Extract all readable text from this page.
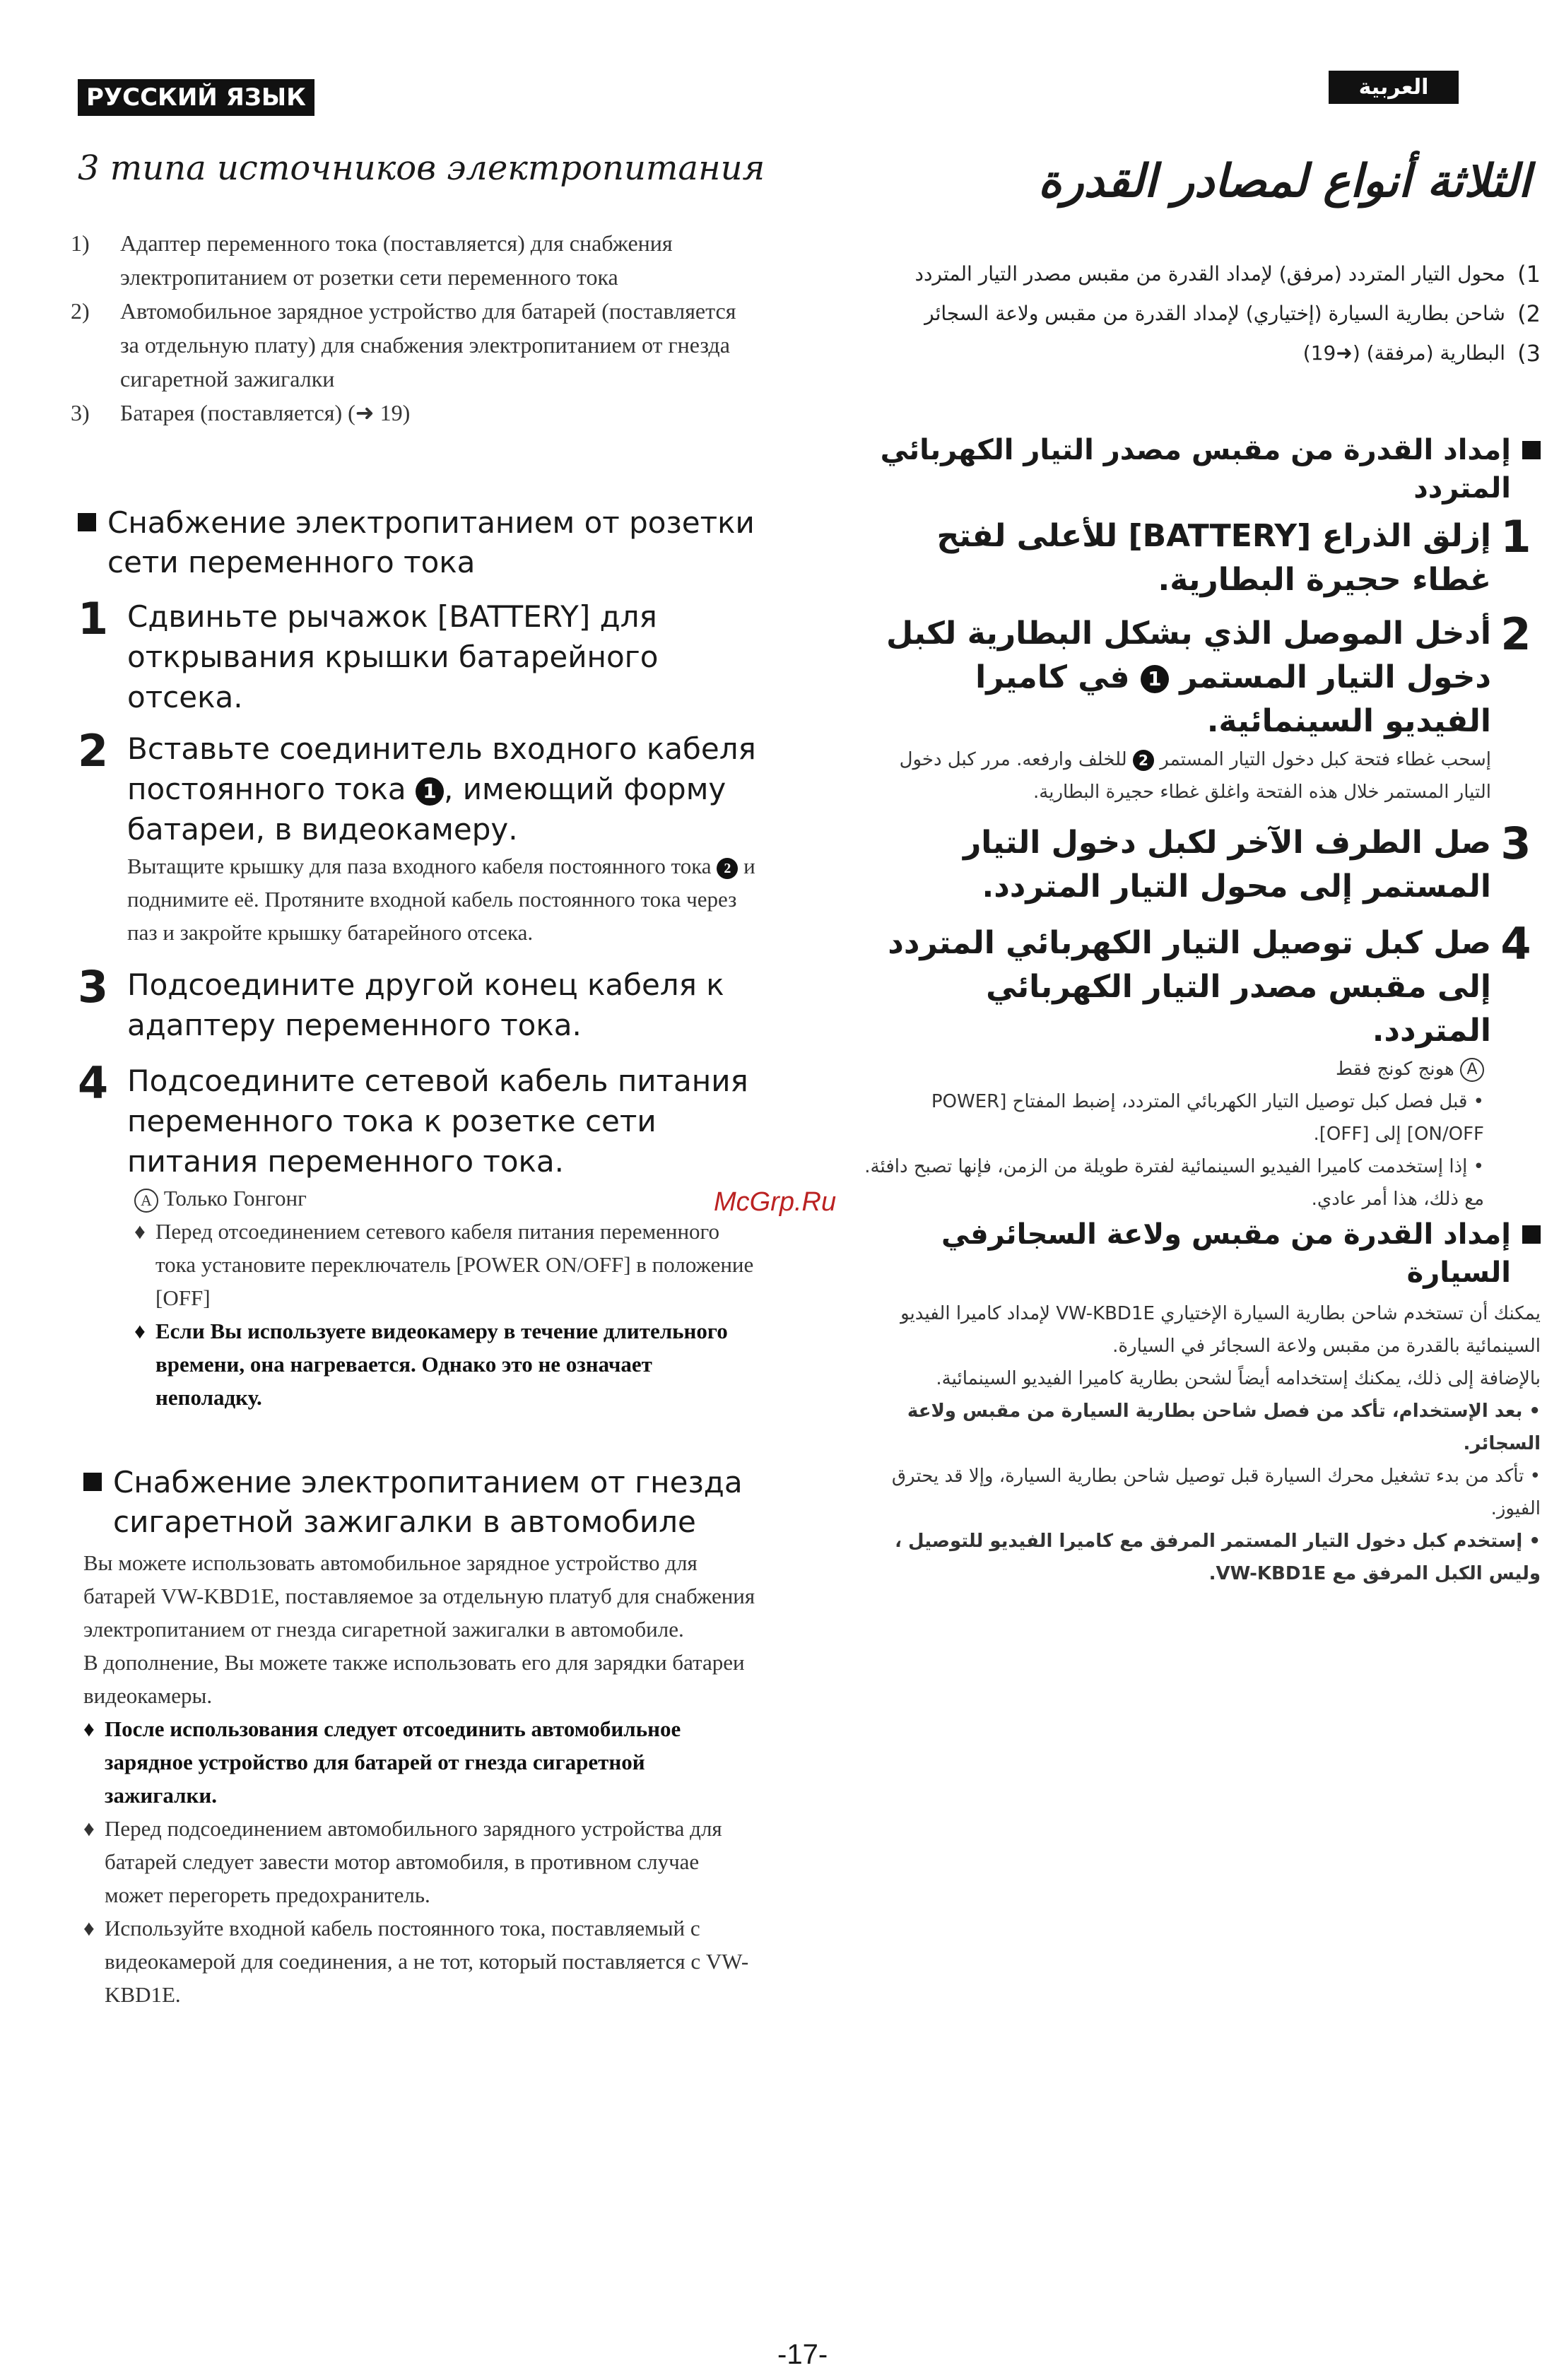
РУССКИЙ ЯЗЫК	العربية
3 типа источников электропитания	الثلاثة أنواع لمصادر القدرة
1)	Адаптер переменного тока (поставляется) для снабжения электропитанием от розетки сети переменного тока
2)	Автомобильное зарядное устройство для батарей (поставляется за отдельную плату) для снабжения электропитанием от гнезда сигаретной зажигалки
3)	Батарея (поставляется) (➜ 19)
Снабжение электропитанием от розетки сети переменного тока
1 Сдвиньте рычажок [BATTERY] для открывания крышки батарейного отсека.
2 Вставьте соединитель входного кабеля постоянного тока 1 , имеющий форму батареи, в видеокамеру.
Вытащите крышку для паза входного кабеля постоянного тока 2 и поднимите её. Протяните входной кабель постоянного тока через паз и закройте крышку батарейного отсека.
3 Подсоедините другой конец кабеля к адаптеру переменного тока.
4 Подсоедините сетевой кабель питания переменного тока к розетке сети питания переменного тока.
A Только Гонгонг
♦ Перед отсоединением сетевого кабеля питания переменного тока установите переключатель [POWER ON/OFF] в положение [OFF]
♦ Если Вы используете видеокамеру в течение длительного времени, она нагревается. Однако это не означает неполадку.
Снабжение электропитанием от гнезда сигаретной зажигалки в автомобиле
Вы можете использовать автомобильное зарядное устройство для батарей VW-KBD1E, поставляемое за отдельную платуб для снабжения электропитанием от гнезда сигаретной зажигалки в автомобиле.
В дополнение, Вы можете также использовать его для зарядки батареи видеокамеры.
♦ После использования следует отсоединить автомобильное зарядное устройство для батарей от гнезда сигаретной зажигалки.
♦ Перед подсоединением автомобильного зарядного устройства для батарей следует завести мотор автомобиля, в противном случае может перегореть предохранитель.
♦ Используйте входной кабель постоянного тока, поставляемый с видеокамерой для соединения, а не тот, который поставляется с VW-KBD1E.
1)
محول التيار المتردد (مرفق) لإمداد القدرة من مقبس مصدر التيار المتردد
2)
شاحن بطارية السيارة (إختياري) لإمداد القدرة من مقبس ولاعة السجائر
3)
البطارية (مرفقة) (➜19)
إمداد القدرة من مقبس مصدر التيار الكهربائي المتردد
1
إزلق الذراع [BATTERY] للأعلى لفتح غطاء حجيرة البطارية.
2
أدخل الموصل الذي بشكل البطارية لكبل دخول التيار المستمر 1 في كاميرا الفيديو السينمائية.
إسحب غطاء فتحة كبل دخول التيار المستمر 2 للخلف وارفعه. مرر كبل دخول التيار المستمر خلال هذه الفتحة واغلق غطاء حجيرة البطارية.
3
صل الطرف الآخر لكبل دخول التيار المستمر إلى محول التيار المتردد.
4
صل كبل توصيل التيار الكهربائي المتردد إلى مقبس مصدر التيار الكهربائي المتردد.
A هونج كونج فقط
• قبل فصل كبل توصيل التيار الكهربائي المتردد، إضبط المفتاح [POWER ON/OFF] إلى [OFF].
• إذا إستخدمت كاميرا الفيديو السينمائية لفترة طويلة من الزمن، فإنها تصبح دافئة. مع ذلك، هذا أمر عادي.
إمداد القدرة من مقبس ولاعة السجائرفي السيارة
يمكنك أن تستخدم شاحن بطارية السيارة الإختياري VW-KBD1E لإمداد كاميرا الفيديو السينمائية بالقدرة من مقبس ولاعة السجائر في السيارة.
بالإضافة إلى ذلك، يمكنك إستخدامه أيضاً لشحن بطارية كاميرا الفيديو السينمائية.
• بعد الإستخدام، تأكد من فصل شاحن بطارية السيارة من مقبس ولاعة السجائر.
• تأكد من بدء تشغيل محرك السيارة قبل توصيل شاحن بطارية السيارة، وإلا قد يحترق الفيوز.
• إستخدم كبل دخول التيار المستمر المرفق مع كاميرا الفيديو للتوصيل ، وليس الكبل المرفق مع VW-KBD1E.
McGrp.Ru
-17-
